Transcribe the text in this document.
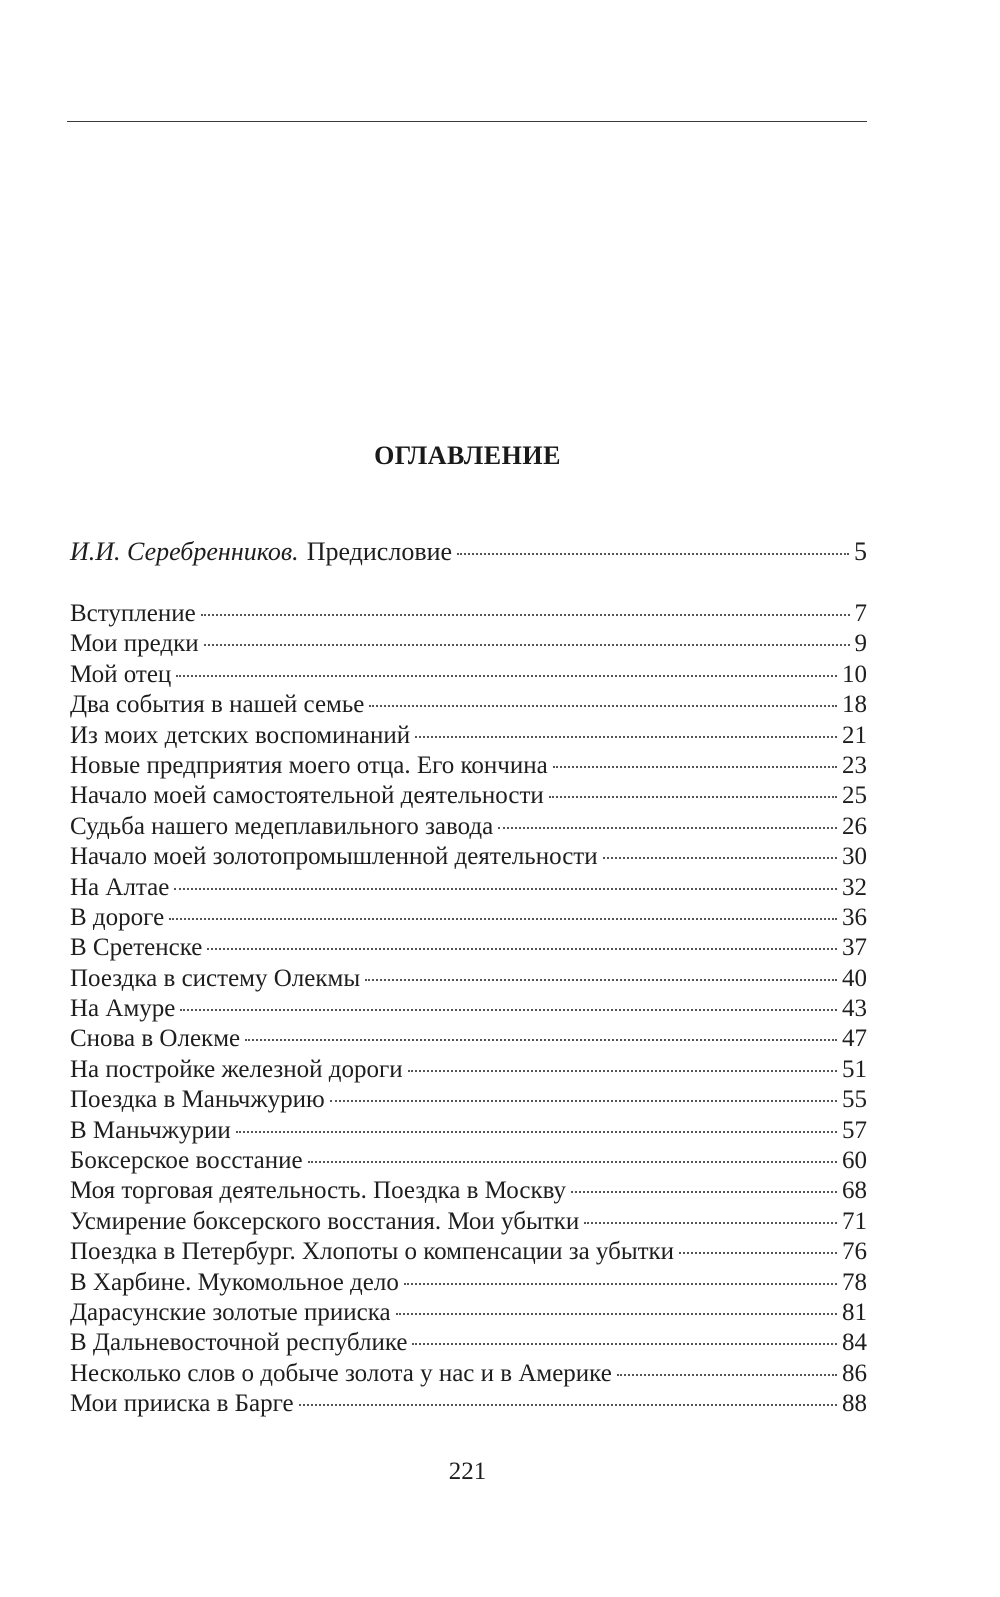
ОГЛАВЛЕНИЕ
И.И. Серебренников. Предисловие	5
Вступление	7
Мои предки	9
Мой отец	10
Два события в нашей семье	18
Из моих детских воспоминаний	21
Новые предприятия моего отца. Его кончина	23
Начало моей самостоятельной деятельности	25
Судьба нашего медеплавильного завода	26
Начало моей золотопромышленной деятельности	30
На Алтае	32
В дороге	36
В Сретенске	37
Поездка в систему Олекмы	40
На Амуре	43
Снова в Олекме	47
На постройке железной дороги	51
Поездка в Маньчжурию	55
В Маньчжурии	57
Боксерское восстание	60
Моя торговая деятельность. Поездка в Москву	68
Усмирение боксерского восстания. Мои убытки	71
Поездка в Петербург. Хлопоты о компенсации за убытки	76
В Харбине. Мукомольное дело	78
Дарасунские золотые прииска	81
В Дальневосточной республике	84
Несколько слов о добыче золота у нас и в Америке	86
Мои прииска в Барге	88
221
